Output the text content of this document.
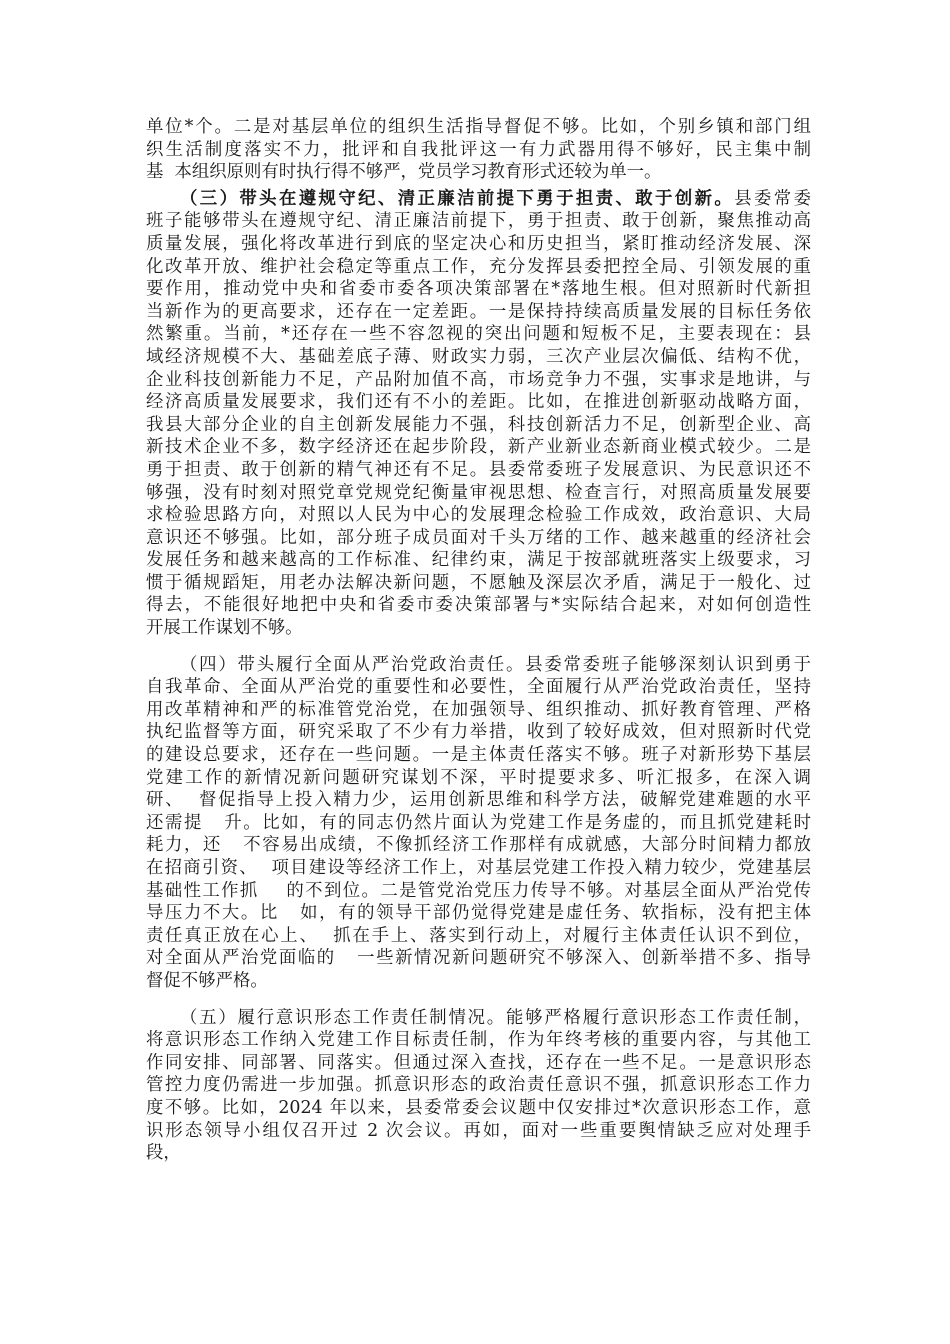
单位*个。二是对基层单位的组织生活指导督促不够。比如，个别乡镇和部门组
织生活制度落实不力，批评和自我批评这一有力武器用得不够好，民主集中制
基  本组织原则有时执行得不够严，党员学习教育形式还较为单一。
（三）带头在遵规守纪、清正廉洁前提下勇于担责、敢于创新。县委常委
班子能够带头在遵规守纪、清正廉洁前提下，勇于担责、敢于创新，聚焦推动高
质量发展，强化将改革进行到底的坚定决心和历史担当，紧盯推动经济发展、深
化改革开放、维护社会稳定等重点工作，充分发挥县委把控全局、引领发展的重
要作用，推动党中央和省委市委各项决策部署在*落地生根。但对照新时代新担
当新作为的更高要求，还存在一定差距。一是保持持续高质量发展的目标任务依
然繁重。当前，*还存在一些不容忽视的突出问题和短板不足，主要表现在：县
域经济规模不大、基础差底子薄、财政实力弱，三次产业层次偏低、结构不优，
企业科技创新能力不足，产品附加值不高，市场竞争力不强，实事求是地讲，与
经济高质量发展要求，我们还有不小的差距。比如，在推进创新驱动战略方面，
我县大部分企业的自主创新发展能力不强，科技创新活力不足，创新型企业、高
新技术企业不多，数字经济还在起步阶段，新产业新业态新商业模式较少。二是
勇于担责、敢于创新的精气神还有不足。县委常委班子发展意识、为民意识还不
够强，没有时刻对照党章党规党纪衡量审视思想、检查言行，对照高质量发展要
求检验思路方向，对照以人民为中心的发展理念检验工作成效，政治意识、大局
意识还不够强。比如，部分班子成员面对千头万绪的工作、越来越重的经济社会
发展任务和越来越高的工作标准、纪律约束，满足于按部就班落实上级要求，习
惯于循规蹈矩，用老办法解决新问题，不愿触及深层次矛盾，满足于一般化、过
得去，不能很好地把中央和省委市委决策部署与*实际结合起来，对如何创造性
开展工作谋划不够。
（四）带头履行全面从严治党政治责任。县委常委班子能够深刻认识到勇于
自我革命、全面从严治党的重要性和必要性，全面履行从严治党政治责任，坚持
用改革精神和严的标准管党治党，在加强领导、组织推动、抓好教育管理、严格
执纪监督等方面，研究采取了不少有力举措，收到了较好成效，但对照新时代党
的建设总要求，还存在一些问题。一是主体责任落实不够。班子对新形势下基层
党建工作的新情况新问题研究谋划不深，平时提要求多、听汇报多，在深入调
研、  督促指导上投入精力少，运用创新思维和科学方法，破解党建难题的水平
还需提   升。比如，有的同志仍然片面认为党建工作是务虚的，而且抓党建耗时
耗力，还   不容易出成绩，不像抓经济工作那样有成就感，大部分时间精力都放
在招商引资、  项目建设等经济工作上，对基层党建工作投入精力较少，党建基层
基础性工作抓    的不到位。二是管党治党压力传导不够。对基层全面从严治党传
导压力不大。比   如，有的领导干部仍觉得党建是虚任务、软指标，没有把主体
责任真正放在心上、  抓在手上、落实到行动上，对履行主体责任认识不到位，
对全面从严治党面临的   一些新情况新问题研究不够深入、创新举措不多、指导
督促不够严格。
（五）履行意识形态工作责任制情况。能够严格履行意识形态工作责任制，
将意识形态工作纳入党建工作目标责任制，作为年终考核的重要内容，与其他工
作同安排、同部署、同落实。但通过深入查找，还存在一些不足。一是意识形态
管控力度仍需进一步加强。抓意识形态的政治责任意识不强，抓意识形态工作力
度不够。比如，2024 年以来，县委常委会议题中仅安排过*次意识形态工作，意
识形态领导小组仅召开过 2 次会议。再如，面对一些重要舆情缺乏应对处理手
段，
